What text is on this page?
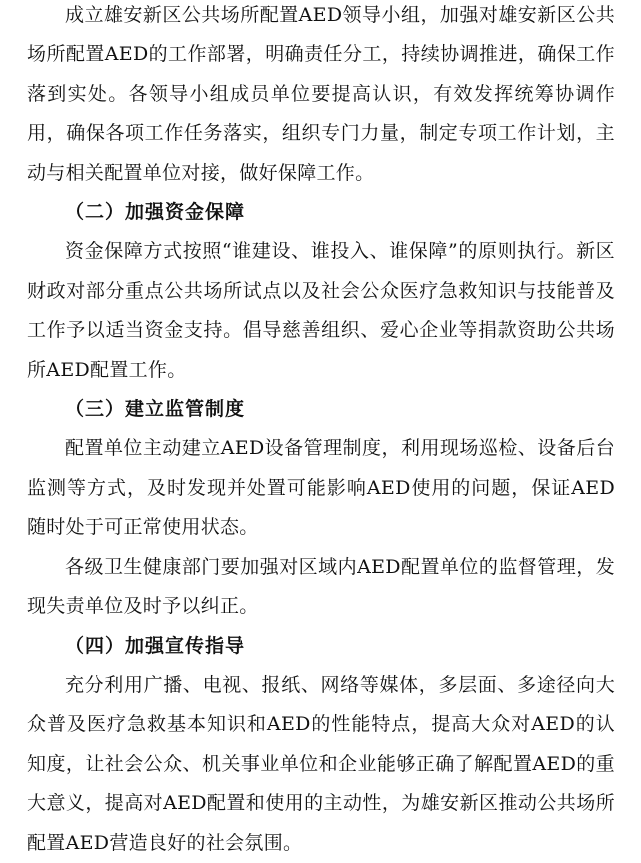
成立雄安新区公共场所配置AED领导小组，加强对雄安新区公共场所配置AED的工作部署，明确责任分工，持续协调推进，确保工作落到实处。各领导小组成员单位要提高认识，有效发挥统筹协调作用，确保各项工作任务落实，组织专门力量，制定专项工作计划，主动与相关配置单位对接，做好保障工作。

（二）加强资金保障

资金保障方式按照“谁建设、谁投入、谁保障”的原则执行。新区财政对部分重点公共场所试点以及社会公众医疗急救知识与技能普及工作予以适当资金支持。倡导慈善组织、爱心企业等捐款资助公共场所AED配置工作。

（三）建立监管制度

配置单位主动建立AED设备管理制度，利用现场巡检、设备后台监测等方式，及时发现并处置可能影响AED使用的问题，保证AED随时处于可正常使用状态。

各级卫生健康部门要加强对区域内AED配置单位的监督管理，发现失责单位及时予以纠正。

（四）加强宣传指导

充分利用广播、电视、报纸、网络等媒体，多层面、多途径向大众普及医疗急救基本知识和AED的性能特点，提高大众对AED的认知度，让社会公众、机关事业单位和企业能够正确了解配置AED的重大意义，提高对AED配置和使用的主动性，为雄安新区推动公共场所配置AED营造良好的社会氛围。
